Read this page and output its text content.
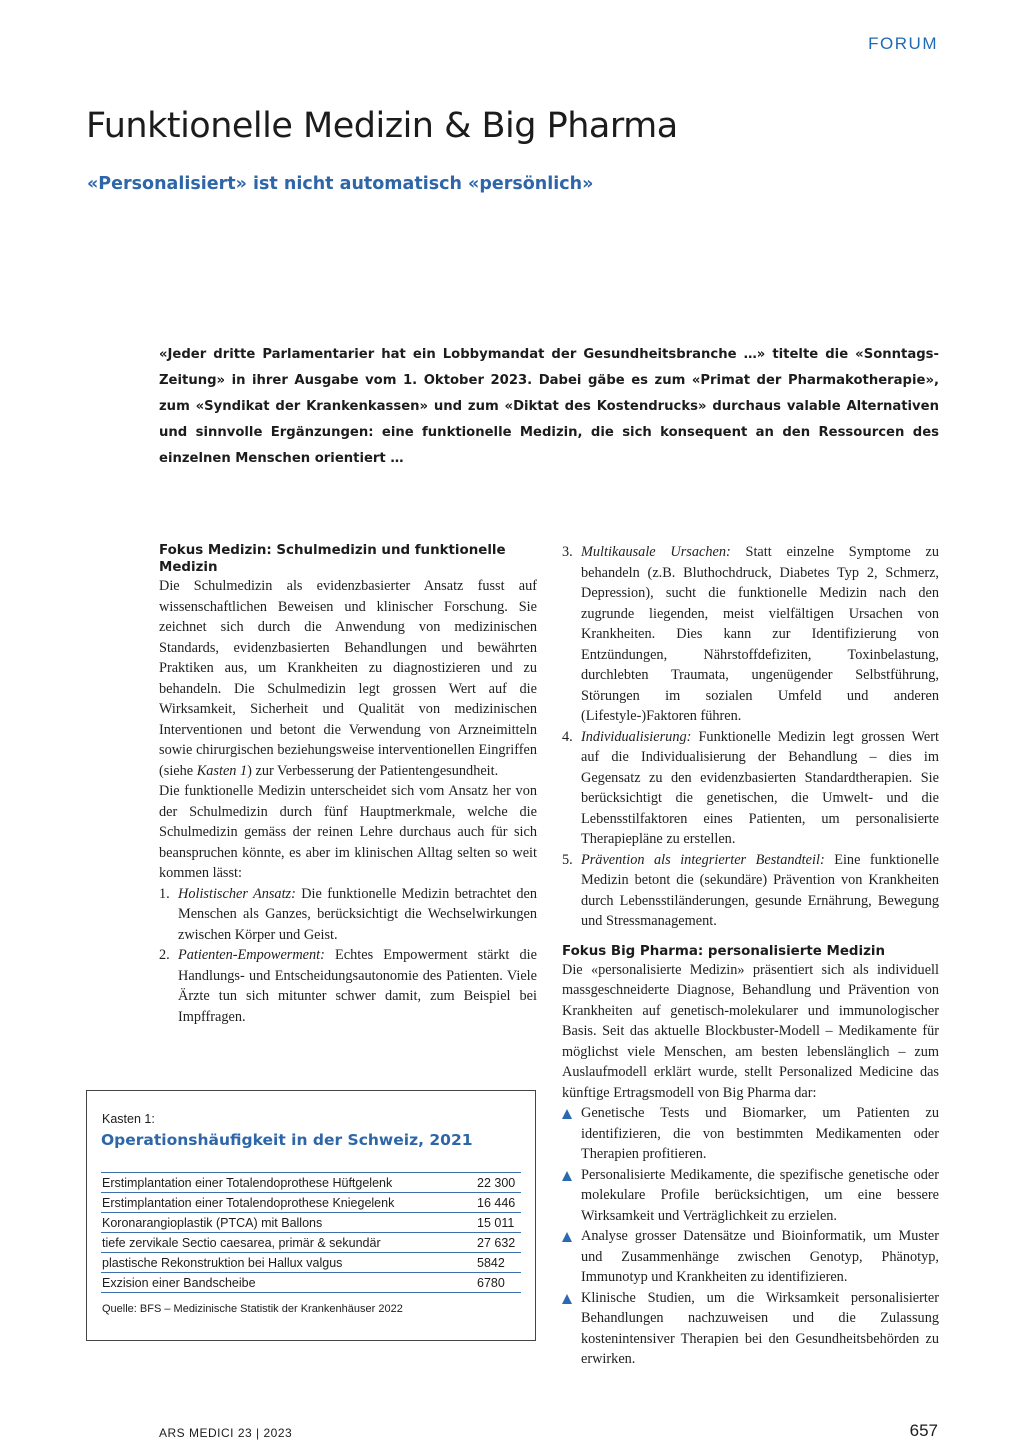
FORUM
Funktionelle Medizin & Big Pharma
«Personalisiert» ist nicht automatisch «persönlich»

«Jeder dritte Parlamentarier hat ein Lobbymandat der Gesundheitsbranche …» titelte die «Sonntags-Zeitung» in ihrer Ausgabe vom 1. Oktober 2023. Dabei gäbe es zum «Primat der Pharmakotherapie», zum «Syndikat der Krankenkassen» und zum «Diktat des Kostendrucks» durchaus valable Alternativen und sinnvolle Ergänzungen: eine funktionelle Medizin, die sich konsequent an den Ressourcen des einzelnen Menschen orientiert …

Fokus Medizin: Schulmedizin und funktionelle Medizin

Die Schulmedizin als evidenzbasierter Ansatz fusst auf wissenschaftlichen Beweisen und klinischer Forschung. Sie zeichnet sich durch die Anwendung von medizinischen Standards, evidenzbasierten Behandlungen und bewährten Praktiken aus, um Krankheiten zu diagnostizieren und zu behandeln. Die Schulmedizin legt grossen Wert auf die Wirksamkeit, Sicherheit und Qualität von medizinischen Interventionen und betont die Verwendung von Arzneimitteln sowie chirurgischen beziehungsweise interventionellen Eingriffen (siehe Kasten 1) zur Verbesserung der Patientengesundheit.

Die funktionelle Medizin unterscheidet sich vom Ansatz her von der Schulmedizin durch fünf Hauptmerkmale, welche die Schulmedizin gemäss der reinen Lehre durchaus auch für sich beanspruchen könnte, es aber im klinischen Alltag selten so weit kommen lässt:

1. Holistischer Ansatz: Die funktionelle Medizin betrachtet den Menschen als Ganzes, berücksichtigt die Wechselwirkungen zwischen Körper und Geist.
2. Patienten-Empowerment: Echtes Empowerment stärkt die Handlungs- und Entscheidungsautonomie des Patienten. Viele Ärzte tun sich mitunter schwer damit, zum Beispiel bei Impffragen.
3. Multikausale Ursachen: Statt einzelne Symptome zu behandeln (z.B. Bluthochdruck, Diabetes Typ 2, Schmerz, Depression), sucht die funktionelle Medizin nach den zugrunde liegenden, meist vielfältigen Ursachen von Krankheiten. Dies kann zur Identifizierung von Entzündungen, Nährstoffdefiziten, Toxinbelastung, durchlebten Traumata, ungenügender Selbstführung, Störungen im sozialen Umfeld und anderen (Lifestyle-)Faktoren führen.
4. Individualisierung: Funktionelle Medizin legt grossen Wert auf die Individualisierung der Behandlung – dies im Gegensatz zu den evidenzbasierten Standardtherapien. Sie berücksichtigt die genetischen, die Umwelt- und die Lebensstilfaktoren eines Patienten, um personalisierte Therapiepläne zu erstellen.
5. Prävention als integrierter Bestandteil: Eine funktionelle Medizin betont die (sekundäre) Prävention von Krankheiten durch Lebensstiländerungen, gesunde Ernährung, Bewegung und Stressmanagement.
Fokus Big Pharma: personalisierte Medizin

Die «personalisierte Medizin» präsentiert sich als individuell massgeschneiderte Diagnose, Behandlung und Prävention von Krankheiten auf genetisch-molekularer und immunologischer Basis. Seit das aktuelle Blockbuster-Modell – Medikamente für möglichst viele Menschen, am besten lebenslänglich – zum Auslaufmodell erklärt wurde, stellt Personalized Medicine das künftige Ertragsmodell von Big Pharma dar:

Genetische Tests und Biomarker, um Patienten zu identifizieren, die von bestimmten Medikamenten oder Therapien profitieren.
Personalisierte Medikamente, die spezifische genetische oder molekulare Profile berücksichtigen, um eine bessere Wirksamkeit und Verträglichkeit zu erzielen.
Analyse grosser Datensätze und Bioinformatik, um Muster und Zusammenhänge zwischen Genotyp, Phänotyp, Immunotyp und Krankheiten zu identifizieren.
Klinische Studien, um die Wirksamkeit personalisierter Behandlungen nachzuweisen und die Zulassung kostenintensiver Therapien bei den Gesundheitsbehörden zu erwirken.
Kasten 1:
Operationshäufigkeit in der Schweiz, 2021
Erstimplantation einer Totalendoprothese Hüftgelenk	22 300
Erstimplantation einer Totalendoprothese Kniegelenk	16 446
Koronarangioplastik (PTCA) mit Ballons	15 011
tiefe zervikale Sectio caesarea, primär & sekundär	27 632
plastische Rekonstruktion bei Hallux valgus	5842
Exzision einer Bandscheibe	6780
Quelle: BFS – Medizinische Statistik der Krankenhäuser 2022
ARS MEDICI 23 | 2023	657
